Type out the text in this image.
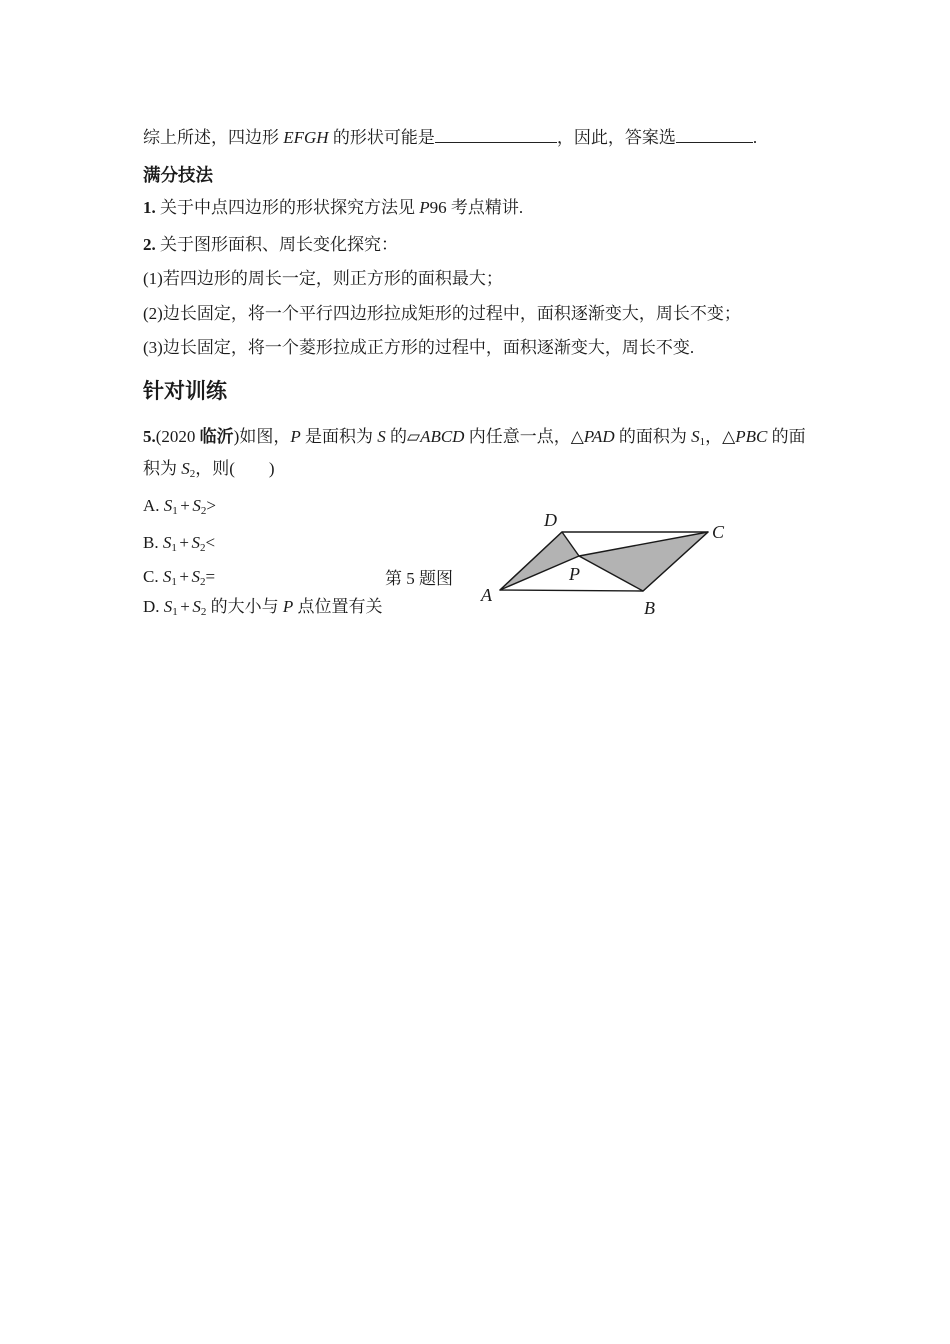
综上所述，四边形 EFGH 的形状可能是	，因此，答案选	.
满分技法
1. 关于中点四边形的形状探究方法见 P96 考点精讲.
2. 关于图形面积、周长变化探究：
(1)若四边形的周长一定，则正方形的面积最大；
(2)边长固定，将一个平行四边形拉成矩形的过程中，面积逐渐变大，周长不变；
(3)边长固定，将一个菱形拉成正方形的过程中，面积逐渐变大，周长不变.
针对训练
5.(2020 临沂)如图，P 是面积为 S 的▱ABCD 内任意一点，△PAD 的面积为 $S_1$，△PBC 的面
积为 $S_2$，则(　　)
A. $S_1 + S_2>$
B. $S_1 + S_2<$
C. $S_1 + S_2=$
D. $S_1 + S_2$ 的大小与 P 点位置有关
第 5 题图
A
B
C
D
P
